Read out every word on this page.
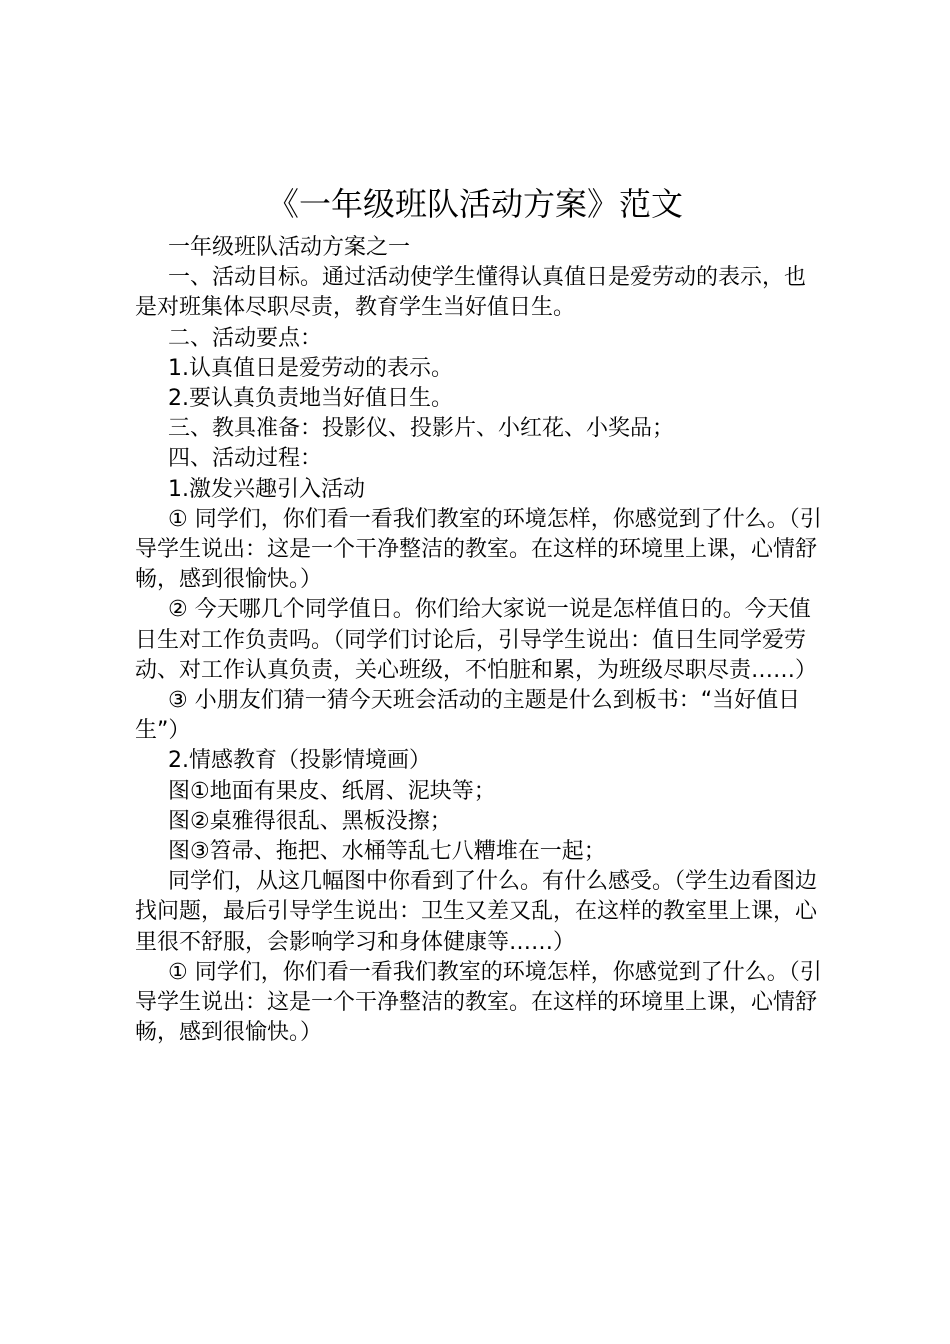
《一年级班队活动方案》范文

一年级班队活动方案之一

一、活动目标。通过活动使学生懂得认真值日是爱劳动的表示，也是对班集体尽职尽责，教育学生当好值日生。

二、活动要点：

1.认真值日是爱劳动的表示。

2.要认真负责地当好值日生。

三、教具准备：投影仪、投影片、小红花、小奖品；

四、活动过程：

1.激发兴趣引入活动

① 同学们，你们看一看我们教室的环境怎样，你感觉到了什么。（引导学生说出：这是一个干净整洁的教室。在这样的环境里上课，心情舒畅，感到很愉快。）

② 今天哪几个同学值日。你们给大家说一说是怎样值日的。今天值日生对工作负责吗。（同学们讨论后，引导学生说出：值日生同学爱劳动、对工作认真负责，关心班级，不怕脏和累，为班级尽职尽责……）

③ 小朋友们猜一猜今天班会活动的主题是什么到板书：“当好值日生”）

2.情感教育（投影情境画）

图①地面有果皮、纸屑、泥块等；

图②桌雅得很乱、黑板没擦；

图③笤帚、拖把、水桶等乱七八糟堆在一起；

同学们，从这几幅图中你看到了什么。有什么感受。（学生边看图边找问题，最后引导学生说出：卫生又差又乱，在这样的教室里上课，心里很不舒服，会影响学习和身体健康等……）

① 同学们，你们看一看我们教室的环境怎样，你感觉到了什么。（引导学生说出：这是一个干净整洁的教室。在这样的环境里上课，心情舒畅，感到很愉快。）
